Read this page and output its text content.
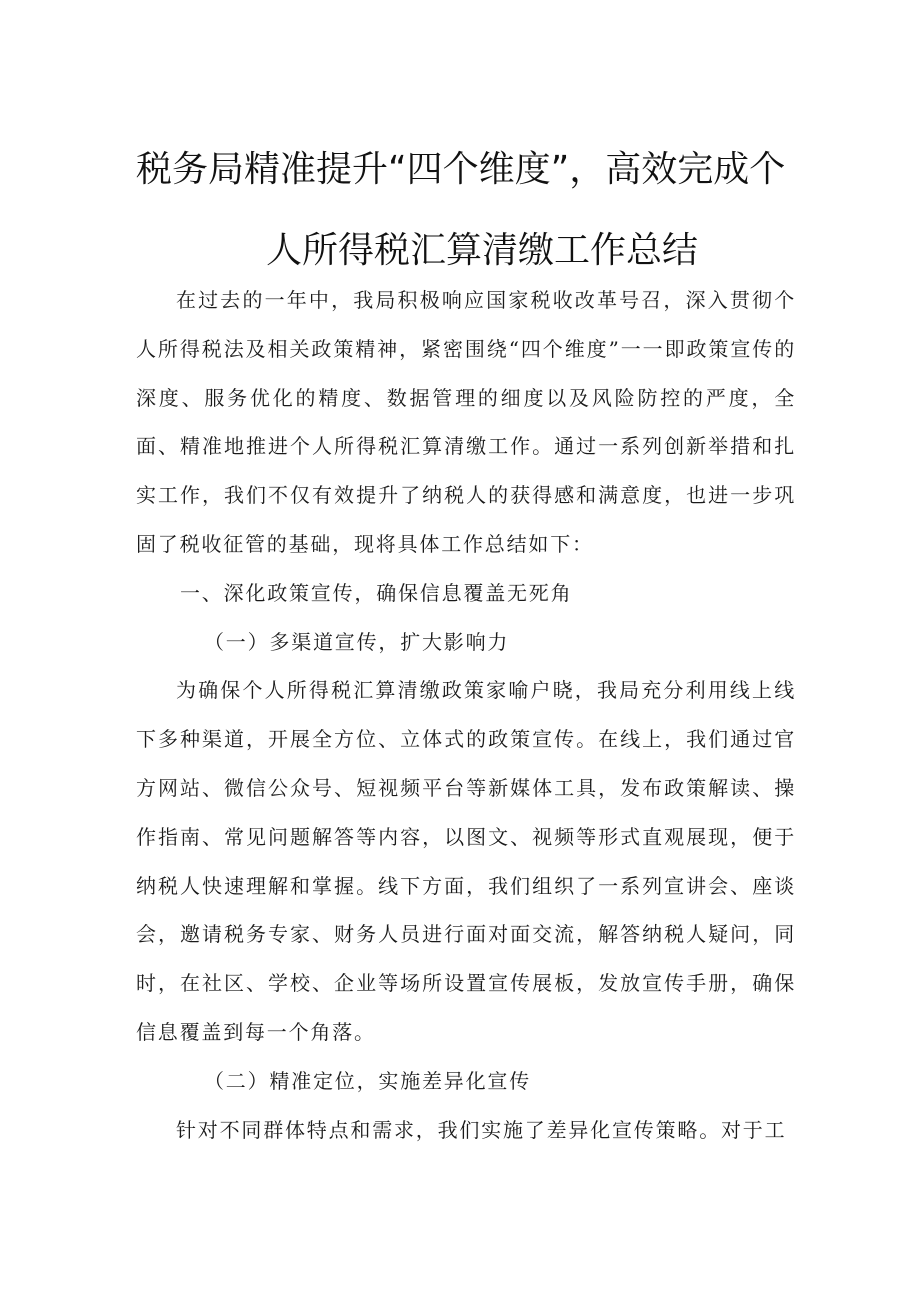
税务局精准提升“四个维度”，高效完成个
人所得税汇算清缴工作总结

在过去的一年中，我局积极响应国家税收改革号召，深入贯彻个人所得税法及相关政策精神，紧密围绕“四个维度”一一即政策宣传的深度、服务优化的精度、数据管理的细度以及风险防控的严度，全面、精准地推进个人所得税汇算清缴工作。通过一系列创新举措和扎实工作，我们不仅有效提升了纳税人的获得感和满意度，也进一步巩固了税收征管的基础，现将具体工作总结如下：

一、深化政策宣传，确保信息覆盖无死角

（一）多渠道宣传，扩大影响力

为确保个人所得税汇算清缴政策家喻户晓，我局充分利用线上线下多种渠道，开展全方位、立体式的政策宣传。在线上，我们通过官方网站、微信公众号、短视频平台等新媒体工具，发布政策解读、操作指南、常见问题解答等内容，以图文、视频等形式直观展现，便于纳税人快速理解和掌握。线下方面，我们组织了一系列宣讲会、座谈会，邀请税务专家、财务人员进行面对面交流，解答纳税人疑问，同时，在社区、学校、企业等场所设置宣传展板，发放宣传手册，确保信息覆盖到每一个角落。

（二）精准定位，实施差异化宣传

针对不同群体特点和需求，我们实施了差异化宣传策略。对于工
